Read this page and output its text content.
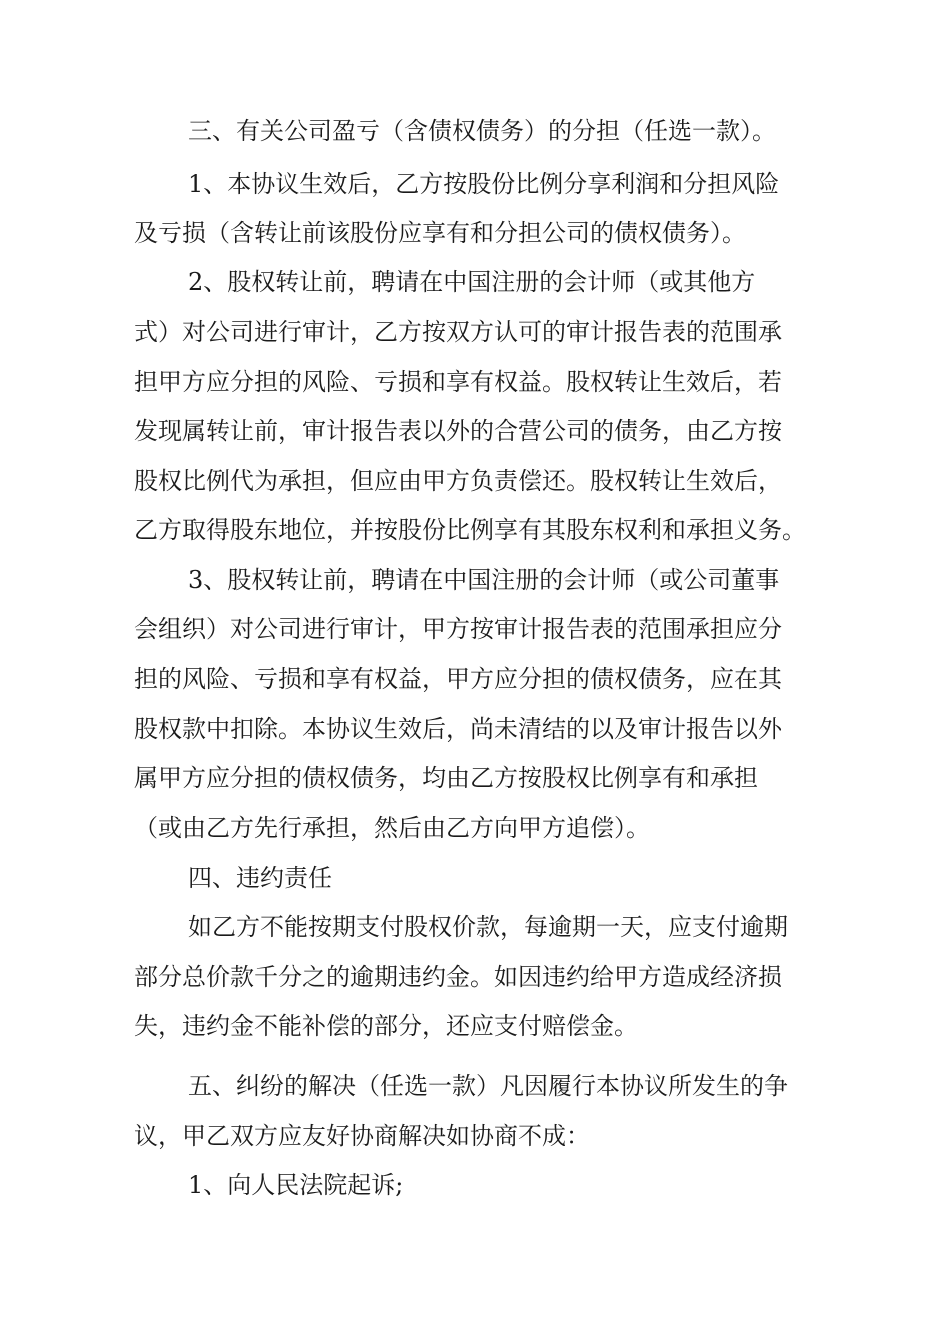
三、有关公司盈亏（含债权债务）的分担（任选一款）。
1、本协议生效后，乙方按股份比例分享利润和分担风险
及亏损（含转让前该股份应享有和分担公司的债权债务）。
2、股权转让前，聘请在中国注册的会计师（或其他方
式）对公司进行审计，乙方按双方认可的审计报告表的范围承
担甲方应分担的风险、亏损和享有权益。股权转让生效后，若
发现属转让前，审计报告表以外的合营公司的债务，由乙方按
股权比例代为承担，但应由甲方负责偿还。股权转让生效后，
乙方取得股东地位，并按股份比例享有其股东权利和承担义务。
3、股权转让前，聘请在中国注册的会计师（或公司董事
会组织）对公司进行审计，甲方按审计报告表的范围承担应分
担的风险、亏损和享有权益，甲方应分担的债权债务，应在其
股权款中扣除。本协议生效后，尚未清结的以及审计报告以外
属甲方应分担的债权债务，均由乙方按股权比例享有和承担
（或由乙方先行承担，然后由乙方向甲方追偿）。
四、违约责任
如乙方不能按期支付股权价款，每逾期一天，应支付逾期
部分总价款千分之的逾期违约金。如因违约给甲方造成经济损
失，违约金不能补偿的部分，还应支付赔偿金。
五、纠纷的解决（任选一款）凡因履行本协议所发生的争
议，甲乙双方应友好协商解决如协商不成：
1、向人民法院起诉;
